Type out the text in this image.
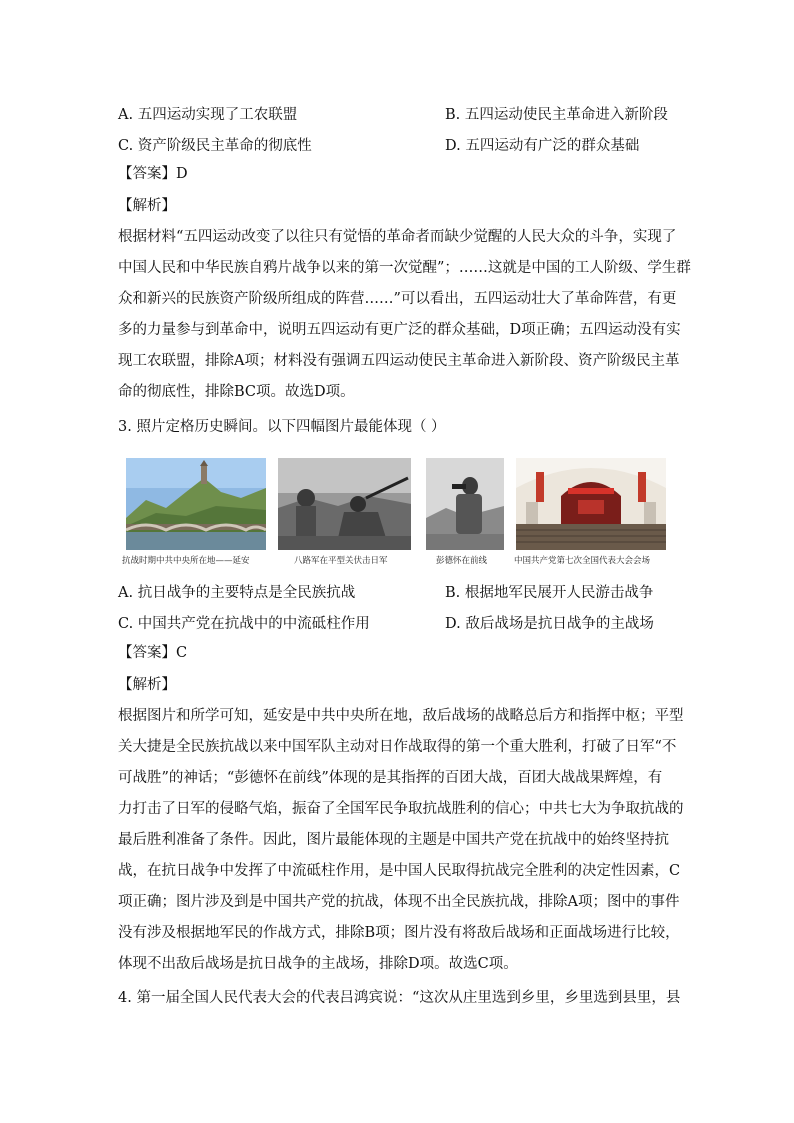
A. 五四运动实现了工农联盟	B. 五四运动使民主革命进入新阶段
C. 资产阶级民主革命的彻底性	D. 五四运动有广泛的群众基础
【答案】D
【解析】
根据材料“五四运动改变了以往只有觉悟的革命者而缺少觉醒的人民大众的斗争，实现了
中国人民和中华民族自鸦片战争以来的第一次觉醒”；……这就是中国的工人阶级、学生群
众和新兴的民族资产阶级所组成的阵营……”可以看出，五四运动壮大了革命阵营，有更
多的力量参与到革命中，说明五四运动有更广泛的群众基础，D项正确；五四运动没有实
现工农联盟，排除A项；材料没有强调五四运动使民主革命进入新阶段、资产阶级民主革
命的彻底性，排除BC项。故选D项。
3. 照片定格历史瞬间。以下四幅图片最能体现（ ）
抗战时期中共中央所在地——延安	八路军在平型关伏击日军	彭德怀在前线	中国共产党第七次全国代表大会会场
A. 抗日战争的主要特点是全民族抗战	B. 根据地军民展开人民游击战争
C. 中国共产党在抗战中的中流砥柱作用	D. 敌后战场是抗日战争的主战场
【答案】C
【解析】
根据图片和所学可知，延安是中共中央所在地，敌后战场的战略总后方和指挥中枢；平型
关大捷是全民族抗战以来中国军队主动对日作战取得的第一个重大胜利，打破了日军“不
可战胜”的神话；“彭德怀在前线”体现的是其指挥的百团大战，百团大战战果辉煌，有
力打击了日军的侵略气焰，振奋了全国军民争取抗战胜利的信心；中共七大为争取抗战的
最后胜利准备了条件。因此，图片最能体现的主题是中国共产党在抗战中的始终坚持抗
战，在抗日战争中发挥了中流砥柱作用，是中国人民取得抗战完全胜利的决定性因素，C
项正确；图片涉及到是中国共产党的抗战，体现不出全民族抗战，排除A项；图中的事件
没有涉及根据地军民的作战方式，排除B项；图片没有将敌后战场和正面战场进行比较，
体现不出敌后战场是抗日战争的主战场，排除D项。故选C项。
4. 第一届全国人民代表大会的代表吕鸿宾说：“这次从庄里选到乡里，乡里选到县里，县
